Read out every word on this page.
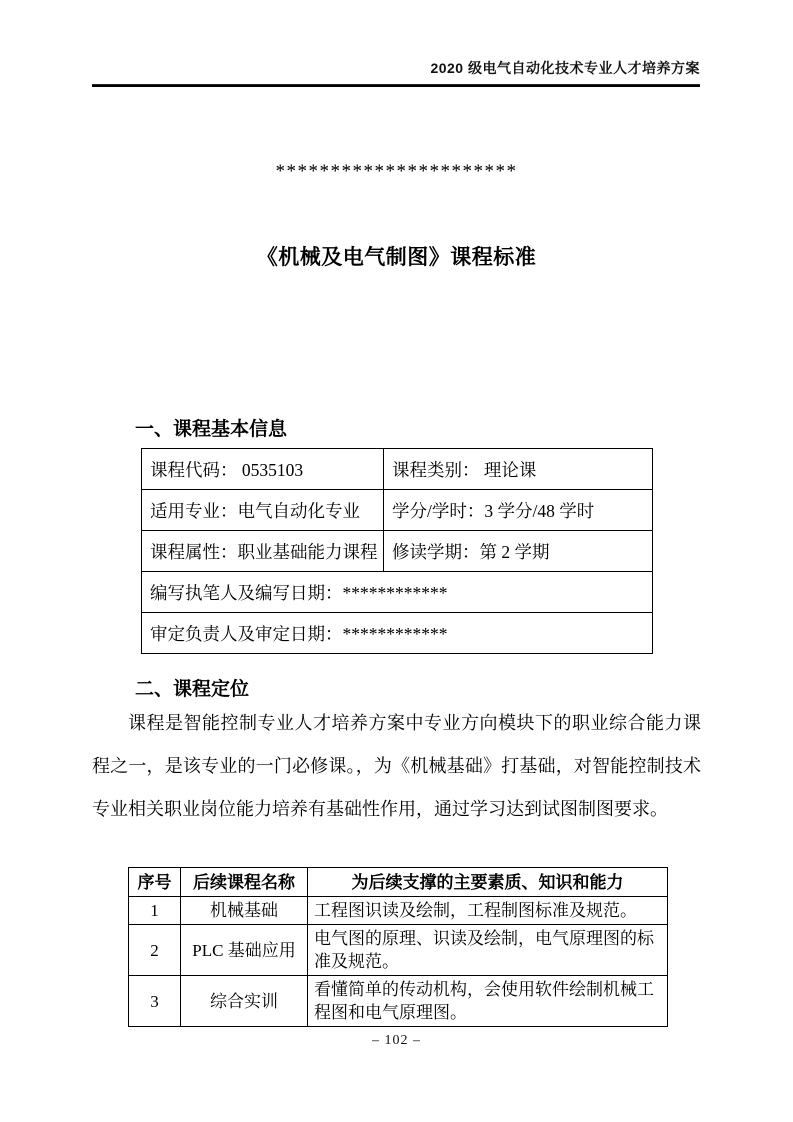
2020 级电气自动化技术专业人才培养方案
**********************
《机械及电气制图》课程标准
一、课程基本信息
课程代码： 0535103	课程类别： 理论课
适用专业：电气自动化专业	学分/学时：3 学分/48 学时
课程属性：职业基础能力课程	修读学期：第 2 学期
编写执笔人及编写日期：************	
审定负责人及审定日期：************	
二、课程定位
课程是智能控制专业人才培养方案中专业方向模块下的职业综合能力课程之一，是该专业的一门必修课。，为《机械基础》打基础，对智能控制技术专业相关职业岗位能力培养有基础性作用，通过学习达到试图制图要求。
序号	后续课程名称	为后续支撑的主要素质、知识和能力
1	机械基础	工程图识读及绘制，工程制图标准及规范。
2	PLC 基础应用	电气图的原理、识读及绘制，电气原理图的标准及规范。
3	综合实训	看懂简单的传动机构，会使用软件绘制机械工程图和电气原理图。
– 102 –
